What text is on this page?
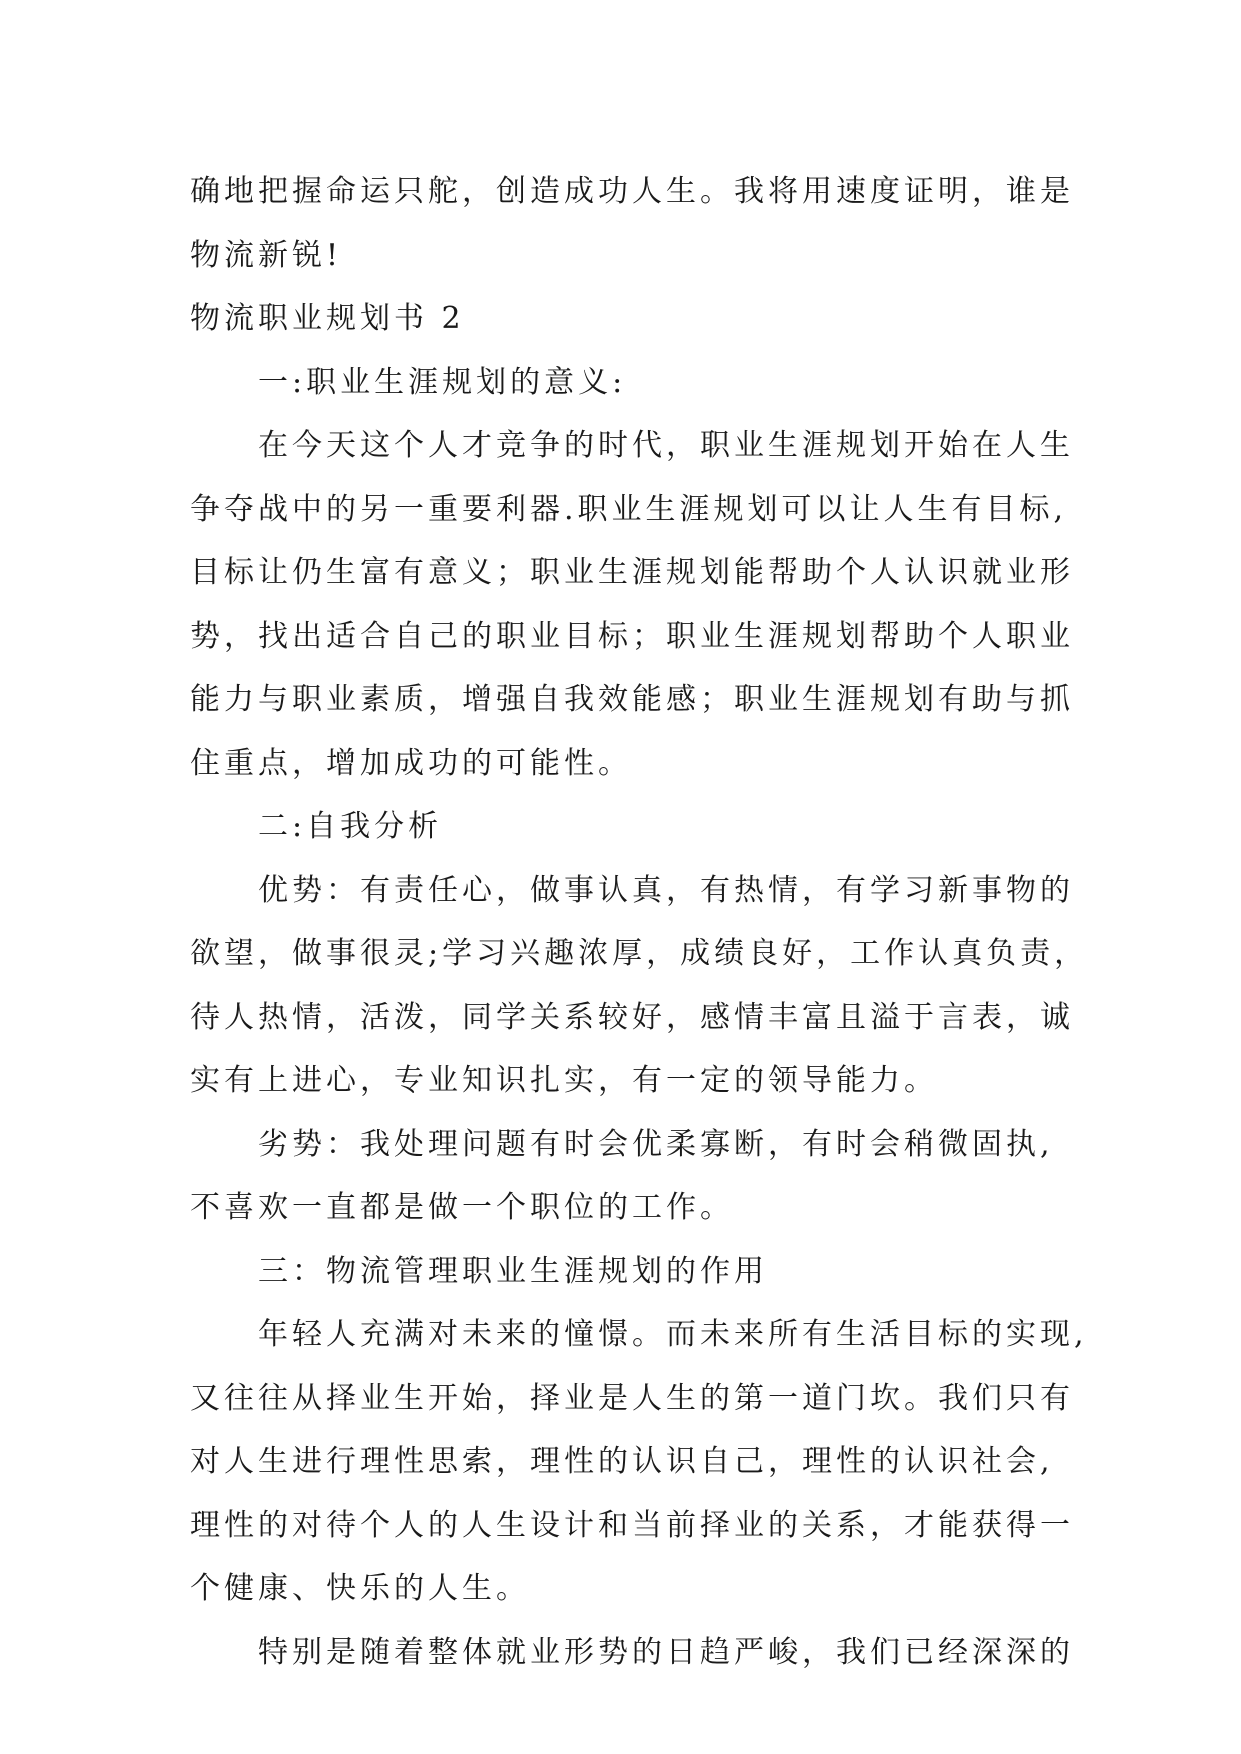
确地把握命运只舵，创造成功人生。我将用速度证明，谁是
物流新锐!
物流职业规划书 2
一:职业生涯规划的意义:
在今天这个人才竞争的时代，职业生涯规划开始在人生
争夺战中的另一重要利器.职业生涯规划可以让人生有目标,
目标让仍生富有意义；职业生涯规划能帮助个人认识就业形
势，找出适合自己的职业目标；职业生涯规划帮助个人职业
能力与职业素质，增强自我效能感；职业生涯规划有助与抓
住重点，增加成功的可能性。
二:自我分析
优势：有责任心，做事认真，有热情，有学习新事物的
欲望，做事很灵;学习兴趣浓厚，成绩良好，工作认真负责，
待人热情，活泼，同学关系较好，感情丰富且溢于言表，诚
实有上进心，专业知识扎实，有一定的领导能力。
劣势：我处理问题有时会优柔寡断，有时会稍微固执,
不喜欢一直都是做一个职位的工作。
三：物流管理职业生涯规划的作用
年轻人充满对未来的憧憬。而未来所有生活目标的实现,
又往往从择业生开始，择业是人生的第一道门坎。我们只有
对人生进行理性思索，理性的认识自己，理性的认识社会,
理性的对待个人的人生设计和当前择业的关系，才能获得一
个健康、快乐的人生。
特别是随着整体就业形势的日趋严峻，我们已经深深的
